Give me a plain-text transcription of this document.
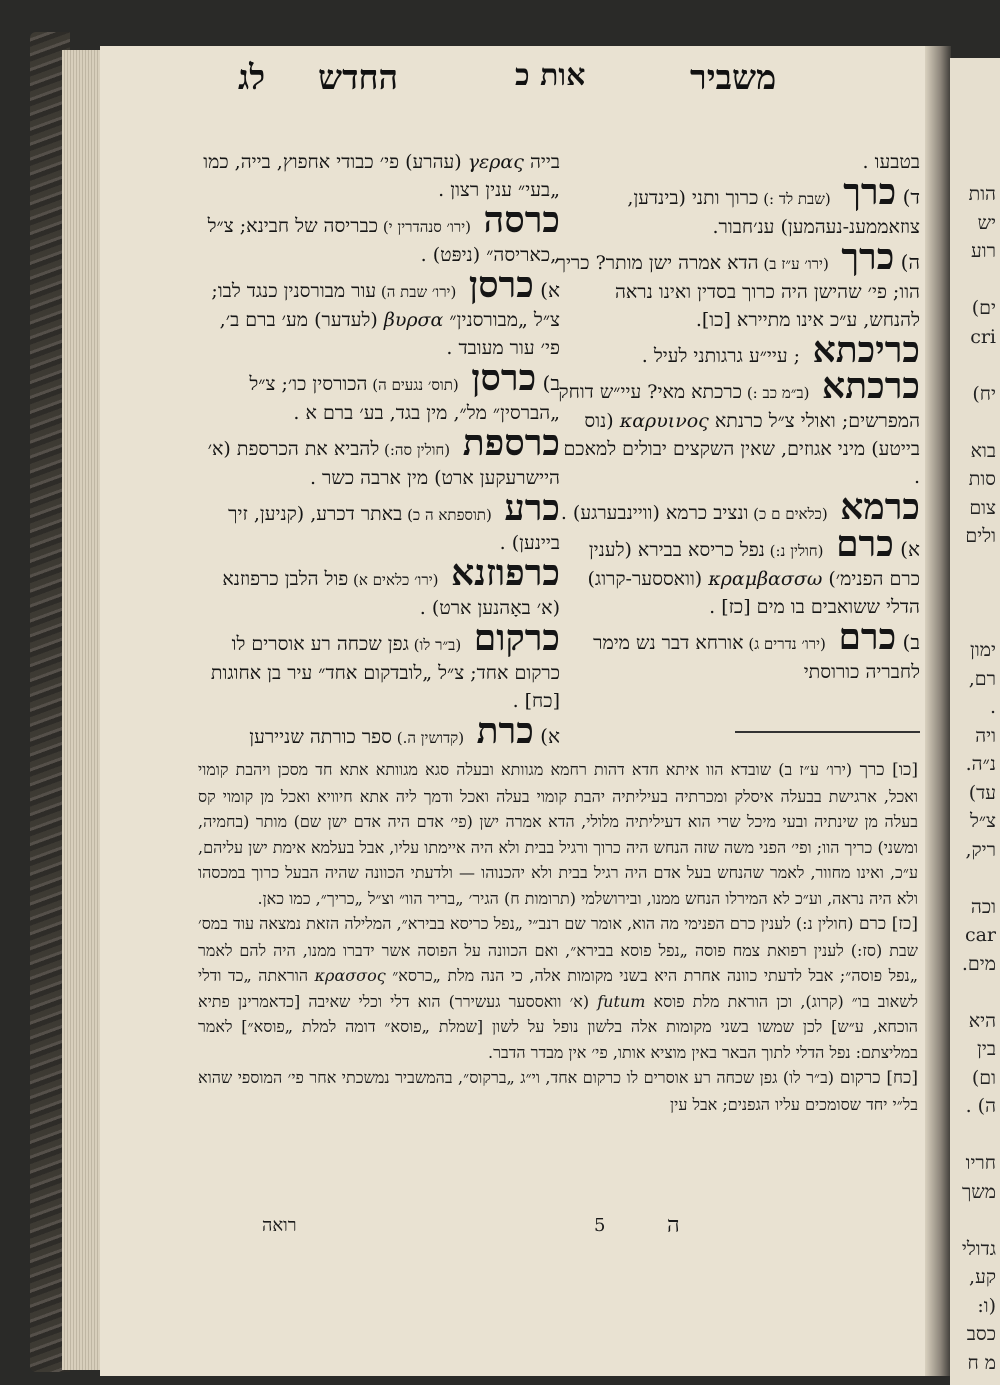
הות
יש
רוע
ים)
cri
יח)
בוא
סות
צום
ולים
ימון
רם,
.
ויה
נ״ה.
עד)
צ״ל
ריק,
וכה
car
מים.
היא
בין
ום)
ה) .
חריו
משך
גדולי
קע,
(ו:
כסב
מ ח
לג החדש	אות כ	משביר
בטבעו .
ד) כרך (שבת לד :) כרוך ותני (בינדען, צוזאממענ-נעהמען) ענ׳חבור.
ה) כרך (ירו׳ ע״ז ב) הדא אמרה ישן מותר? כריך הוו; פי׳ שהישן היה כרוך בסדין ואינו נראה להנחש, ע״כ אינו מתיירא [כו].
כריכתא ; עיי״ע גרגותני לעיל .
כרכתא (ב״מ כב :) כרכתא מאי? עיי״ש דוחק המפרשים; ואולי צ״ל כרנתא καρυινος (נוס בייטע) מיני אגוזים, שאין השקצים יבולים למאכם .
כרמא (כלאים ם כ) ונציב כרמא (וויינבערגע) .
א) כרם (חולין נ:) נפל כריסא בבירא (לענין כרם הפנימ׳) κραμβασσω (וואססער-קרוג) הדלי ששואבים בו מים [כז] .
ב) כרם (ירו׳ נדרים ג) אורחא דבר נש מימר לחבריה כורוסתי
בייה γερας (עהרע) פי׳ כבודי אחפוץ, בייה, כמו „בעי״ ענין רצון .
כרסה (ירו׳ סנהדרין י) כבריסה של חבינא; צ״ל „כאריסה״ (ניפּט) .
א) כרסן (ירו׳ שבת ה) עור מבורסנין כנגד לבו; צ״ל „מבורסנין״ βυρσα (לעדער) מע׳ ברם ב׳, פי׳ עור מעובד .
ב) כרסן (תוס׳ נגעים ה) הכורסין כו׳; צ״ל „הברסין״ מל״, מין בגד, בע׳ ברם א .
כרספת (חולין סה:) להביא את הכרספת (א׳ היישרעקען ארט) מין ארבה כשר .
כרע (תוספתא ה כ) באתר דכרע, (קניען, זיך ביינען) .
כרפוזנא (ירו׳ כלאים א) פול הלבן כרפוזנא (א׳ באָהנען ארט) .
כרקום (ב״ר לו) גפן שכחה רע אוסרים לו כרקום אחד; צ״ל „לובדקום אחד״ עיר בן אחוגות [כח] .
א) כרת (קדושין ה.) ספר כורתה שניירען
[כו] כרך (ירו׳ ע״ז ב) שובדא הוו איתא חדא דהות רחמא מגוותא ובעלה סגא מגוותא אתא חד מסכן ויהבת קומוי ואכל, ארגישת בבעלה איסלק ומכרתיה בעיליתיה יהבת קומוי בעלה ואכל ודמך ליה אתא חיוויא ואכל מן קומוי קס בעלה מן שינתיה ובעי מיכל שרי הוא דעיליתיה מלולי, הדא אמרה ישן (פי׳ אדם היה אדם ישן שם) מותר (בחמיה, ומשני) כריך הוו; ופי׳ הפני משה שזה הנחש היה כרוך ורגיל בבית ולא היה איימתו עליו, אבל בעלמא אימת ישן עליהם, ע״כ, ואינו מחוור, לאמר שהנחש בעל אדם היה רגיל בבית ולא יהכנוהו — ולדעתי הכוונה שהיה הבעל כרוך במכסהו ולא היה נראה, וע״כ לא המירלו הנחש ממנו, ובירושלמי (תרומות ח) הגיר׳ „בריר הוו״ וצ״ל „כריך״, כמו כאן.
[כז] כרם (חולין נ:) לענין כרם הפנימי מה הוא, אומר שם רנב״י „נפל כריסא בבירא״, המלילה הזאת נמצאה עוד במס׳ שבת (סז:) לענין רפואת צמח פוסה „נפל פוסא בבירא״, ואם הכוונה על הפוסה אשר ידברו ממנו, היה להם לאמר „נפל פוסה״; אבל לדעתי כוונה אחרת היא בשני מקומות אלה, כי הנה מלת „כרסא״ κρασσος הוראתה „כד ודלי לשאוב בו״ (קרוג), וכן הוראת מלת פוסא futum (א׳ וואססער געשירר) הוא דלי וכלי שאיבה [כדאמרינן פתיא הוכחא, ע״ש] לכן שמשו בשני מקומות אלה בלשון נופל על לשון [שמלת „פוסא״ דומה למלת „פוסא״] לאמר במליצתם: נפל הדלי לתוך הבאר באין מוציא אותו, פי׳ אין מבדר הדבר.
[כח] כרקום (ב״ר לו) גפן שכחה רע אוסרים לו כרקום אחד, וי״ג „ברקוס״, בהמשביר נמשכתי אחר פי׳ המוספי שהוא בל״י יחד שסומכים עליו הגפנים; אבל עין
רואה	5	ה
